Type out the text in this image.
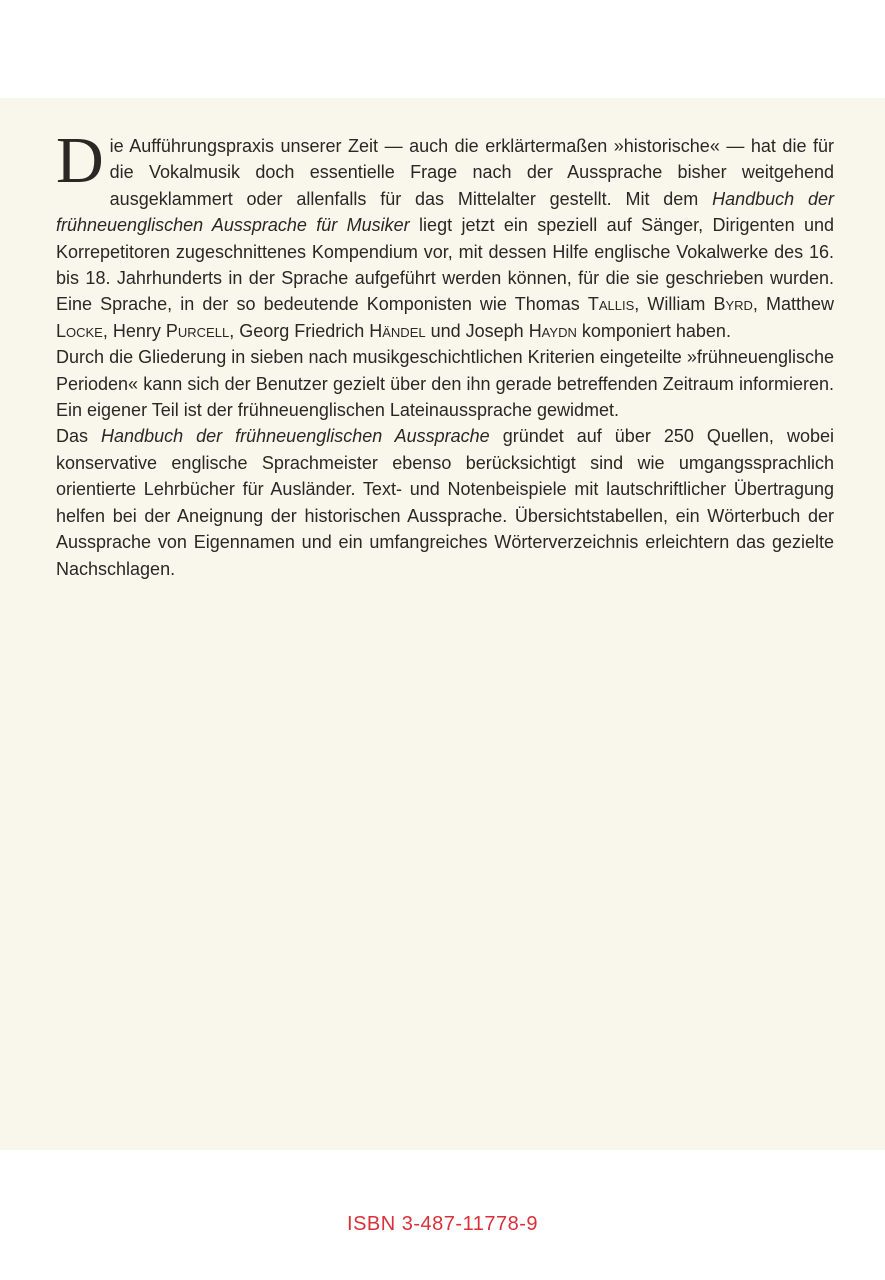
Die Aufführungspraxis unserer Zeit — auch die erklärtermaßen »historische« — hat die für die Vokalmusik doch essentielle Frage nach der Aussprache bisher weitgehend ausgeklammert oder allenfalls für das Mittelalter gestellt. Mit dem Handbuch der frühneuenglischen Aussprache für Musiker liegt jetzt ein speziell auf Sänger, Dirigenten und Korrepetitoren zugeschnittenes Kompendium vor, mit dessen Hilfe englische Vokalwerke des 16. bis 18. Jahrhunderts in der Sprache aufgeführt werden können, für die sie geschrieben wurden. Eine Sprache, in der so bedeutende Komponisten wie Thomas Tallis, William Byrd, Matthew Locke, Henry Purcell, Georg Friedrich Händel und Joseph Haydn komponiert haben.

Durch die Gliederung in sieben nach musikgeschichtlichen Kriterien eingeteilte »frühneuenglische Perioden« kann sich der Benutzer gezielt über den ihn gerade betreffenden Zeitraum informieren. Ein eigener Teil ist der frühneuenglischen Lateinaussprache gewidmet.

Das Handbuch der frühneuenglischen Aussprache gründet auf über 250 Quellen, wobei konservative englische Sprachmeister ebenso berücksichtigt sind wie umgangssprachlich orientierte Lehrbücher für Ausländer. Text- und Notenbeispiele mit lautschriftlicher Übertragung helfen bei der Aneignung der historischen Aussprache. Übersichtstabellen, ein Wörterbuch der Aussprache von Eigennamen und ein umfangreiches Wörterverzeichnis erleichtern das gezielte Nachschlagen.

ISBN 3-487-11778-9
